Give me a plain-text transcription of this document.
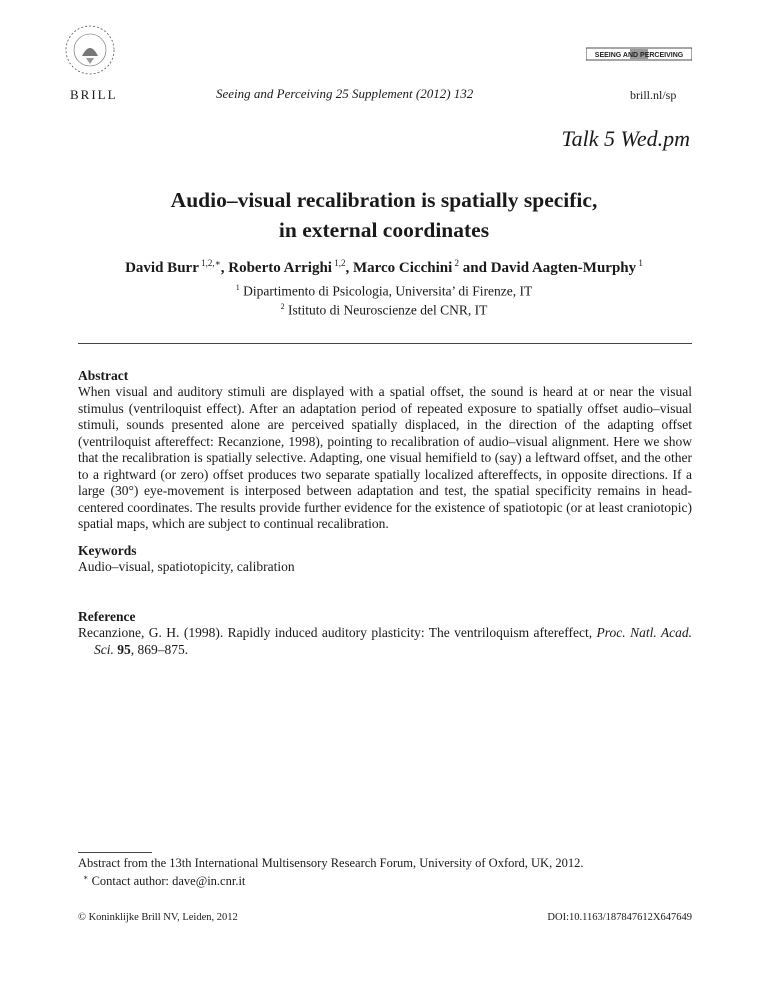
BRILL	Seeing and Perceiving 25 Supplement (2012) 132
SEEING AND PERCEIVING
brill.nl/sp
Talk 5 Wed.pm
Audio–visual recalibration is spatially specific,
in external coordinates
David Burr $^{1,2,∗}$, Roberto Arrighi $^{1,2}$, Marco Cicchini $^2$ and David Aagten-Murphy $^1$
$^1$ Dipartimento di Psicologia, Universita’ di Firenze, IT
$^2$ Istituto di Neuroscienze del CNR, IT
Abstract
When visual and auditory stimuli are displayed with a spatial offset, the sound is heard at or near the visual stimulus (ventriloquist effect). After an adaptation period of repeated exposure to spatially offset audio–visual stimuli, sounds presented alone are perceived spatially displaced, in the direction of the adapting offset (ventriloquist aftereffect: Recanzione, 1998), pointing to recalibration of audio–visual alignment. Here we show that the recalibration is spatially selective. Adapting, one visual hemifield to (say) a leftward offset, and the other to a rightward (or zero) offset produces two separate spatially localized aftereffects, in opposite directions. If a large (30°) eye-movement is interposed between adaptation and test, the spatial specificity remains in head-centered coordinates. The results provide further evidence for the existence of spatiotopic (or at least craniotopic) spatial maps, which are subject to continual recalibration.
Keywords
Audio–visual, spatiotopicity, calibration
Reference
Recanzione, G. H. (1998). Rapidly induced auditory plasticity: The ventriloquism aftereffect, Proc. Natl. Acad. Sci. 95, 869–875.
Abstract from the 13th International Multisensory Research Forum, University of Oxford, UK, 2012.
∗ Contact author: dave@in.cnr.it
© Koninklijke Brill NV, Leiden, 2012	DOI:10.1163/187847612X647649
